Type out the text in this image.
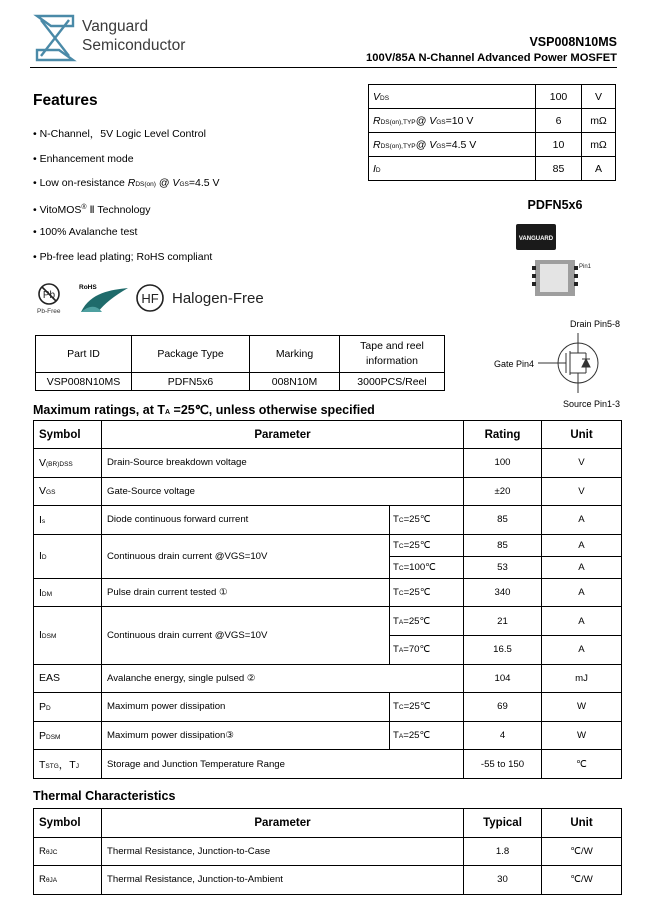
Vanguard
Semiconductor	VSP008N10MS
100V/85A N-Channel Advanced Power MOSFET
Features
• N-Channel，5V Logic Level Control
• Enhancement mode
• Low on-resistance RDS(on) @ VGS=4.5 V
• VitoMOS® Ⅱ Technology
• 100% Avalanche test
• Pb-free lead plating; RoHS compliant
VDS	100	V
RDS(on),TYP@ VGS=10 V	6	mΩ
RDS(on),TYP@ VGS=4.5 V	10	mΩ
ID	85	A
PDFN5x6
VANGUARD
Pin1
Pb	HF
Pb-Free
RoHS
Halogen-Free
Part ID	Package Type	Marking	Tape and reel
information
VSP008N10MS	PDFN5x6	008N10M	3000PCS/Reel
Drain Pin5-8
Gate Pin4
Source Pin1-3
Maximum ratings, at TA =25℃, unless otherwise specified
Symbol	Parameter		Rating	Unit
V(BR)DSS	Drain-Source breakdown voltage		100	V
VGS	Gate-Source voltage		±20	V
Is	Diode continuous forward current	TC=25℃	85	A
ID	Continuous drain current @VGS=10V	TC=25℃	85	A
		TC=100℃	53	A
IDM	Pulse drain current tested ①	TC=25℃	340	A
IDSM	Continuous drain current @VGS=10V	TA=25℃	21	A
		TA=70℃	16.5	A
EAS	Avalanche energy, single pulsed ②		104	mJ
PD	Maximum power dissipation	TC=25℃	69	W
PDSM	Maximum power dissipation③	TA=25℃	4	W
TSTG，TJ	Storage and Junction Temperature Range		-55 to 150	℃
Thermal Characteristics
Symbol	Parameter	Typical	Unit
RθJC	Thermal Resistance, Junction-to-Case	1.8	℃/W
RθJA	Thermal Resistance, Junction-to-Ambient	30	℃/W
